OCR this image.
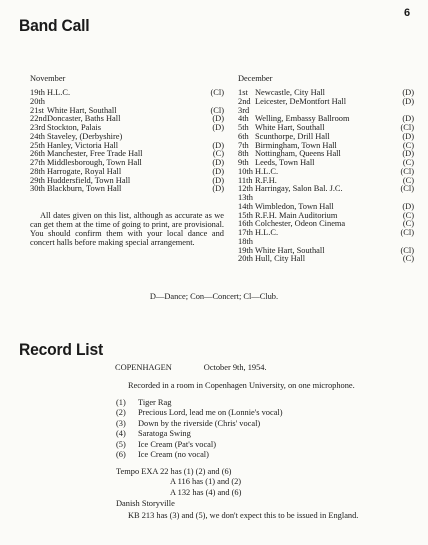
6
Band Call
November	December
19th H.L.C.	(Cl)
20th
21st White Hart, Southall	(Cl)
22nd Doncaster, Baths Hall	(D)
23rd Stockton, Palais	(D)
24th Staveley, (Derbyshire)
25th Hanley, Victoria Hall	(D)
26th Manchester, Free Trade Hall	(C)
27th Middlesborough, Town Hall	(D)
28th Harrogate, Royal Hall	(D)
29th Huddersfield, Town Hall	(D)
30th Blackburn, Town Hall	(D)
1st Newcastle, City Hall	(D)
2nd Leicester, DeMontfort Hall	(D)
3rd
4th Welling, Embassy Ballroom	(D)
5th White Hart, Southall	(Cl)
6th Scunthorpe, Drill Hall	(D)
7th Birmingham, Town Hall	(C)
8th Nottingham, Queens Hall	(D)
9th Leeds, Town Hall	(C)
10th H.L.C.	(Cl)
11th R.F.H.	(C)
12th Harringay, Salon Bal. J.C.	(Cl)
13th
14th Wimbledon, Town Hall	(D)
15th R.F.H. Main Auditorium	(C)
16th Colchester, Odeon Cinema	(C)
17th H.L.C.	(Cl)
18th
19th White Hart, Southall	(Cl)
20th Hull, City Hall	(C)
All dates given on this list, although as accurate as we can get them at the time of going to print, are provisional. You should confirm them with your local dance and concert halls before making special arrangement.
D—Dance; Con—Concert; Cl—Club.
Record List
COPENHAGEN	October 9th, 1954.
Recorded in a room in Copenhagen University, on one microphone.
(1) Tiger Rag
(2) Precious Lord, lead me on (Lonnie's vocal)
(3) Down by the riverside (Chris' vocal)
(4) Saratoga Swing
(5) Ice Cream (Pat's vocal)
(6) Ice Cream (no vocal)
Tempo EXA 22 has (1) (2) and (6)
A 116 has (1) and (2)
A 132 has (4) and (6)
Danish Storyville
KB 213 has (3) and (5), we don't expect this to be issued in England.
